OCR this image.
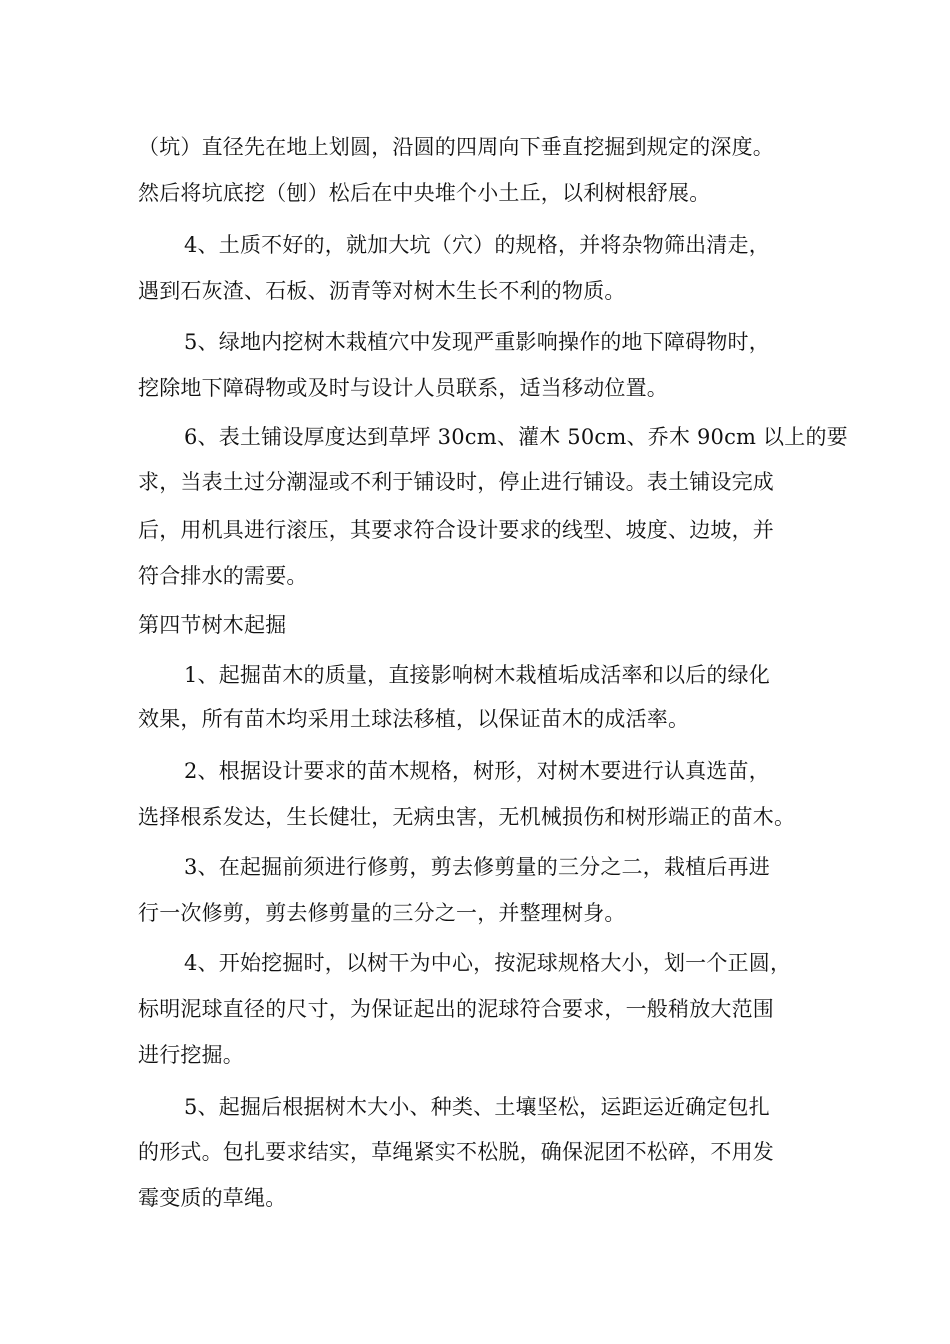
（坑）直径先在地上划圆，沿圆的四周向下垂直挖掘到规定的深度。
然后将坑底挖（刨）松后在中央堆个小土丘，以利树根舒展。
4、土质不好的，就加大坑（穴）的规格，并将杂物筛出清走，
遇到石灰渣、石板、沥青等对树木生长不利的物质。
5、绿地内挖树木栽植穴中发现严重影响操作的地下障碍物时，
挖除地下障碍物或及时与设计人员联系，适当移动位置。
6、表土铺设厚度达到草坪 30cm、灌木 50cm、乔木 90cm 以上的要
求，当表土过分潮湿或不利于铺设时，停止进行铺设。表土铺设完成
后，用机具进行滚压，其要求符合设计要求的线型、坡度、边坡，并
符合排水的需要。
第四节树木起掘
1、起掘苗木的质量，直接影响树木栽植垢成活率和以后的绿化
效果，所有苗木均采用土球法移植，以保证苗木的成活率。
2、根据设计要求的苗木规格，树形，对树木要进行认真选苗，
选择根系发达，生长健壮，无病虫害，无机械损伤和树形端正的苗木。
3、在起掘前须进行修剪，剪去修剪量的三分之二，栽植后再进
行一次修剪，剪去修剪量的三分之一，并整理树身。
4、开始挖掘时，以树干为中心，按泥球规格大小，划一个正圆，
标明泥球直径的尺寸，为保证起出的泥球符合要求，一般稍放大范围
进行挖掘。
5、起掘后根据树木大小、种类、土壤坚松，运距运近确定包扎
的形式。包扎要求结实，草绳紧实不松脱，确保泥团不松碎，不用发
霉变质的草绳。
